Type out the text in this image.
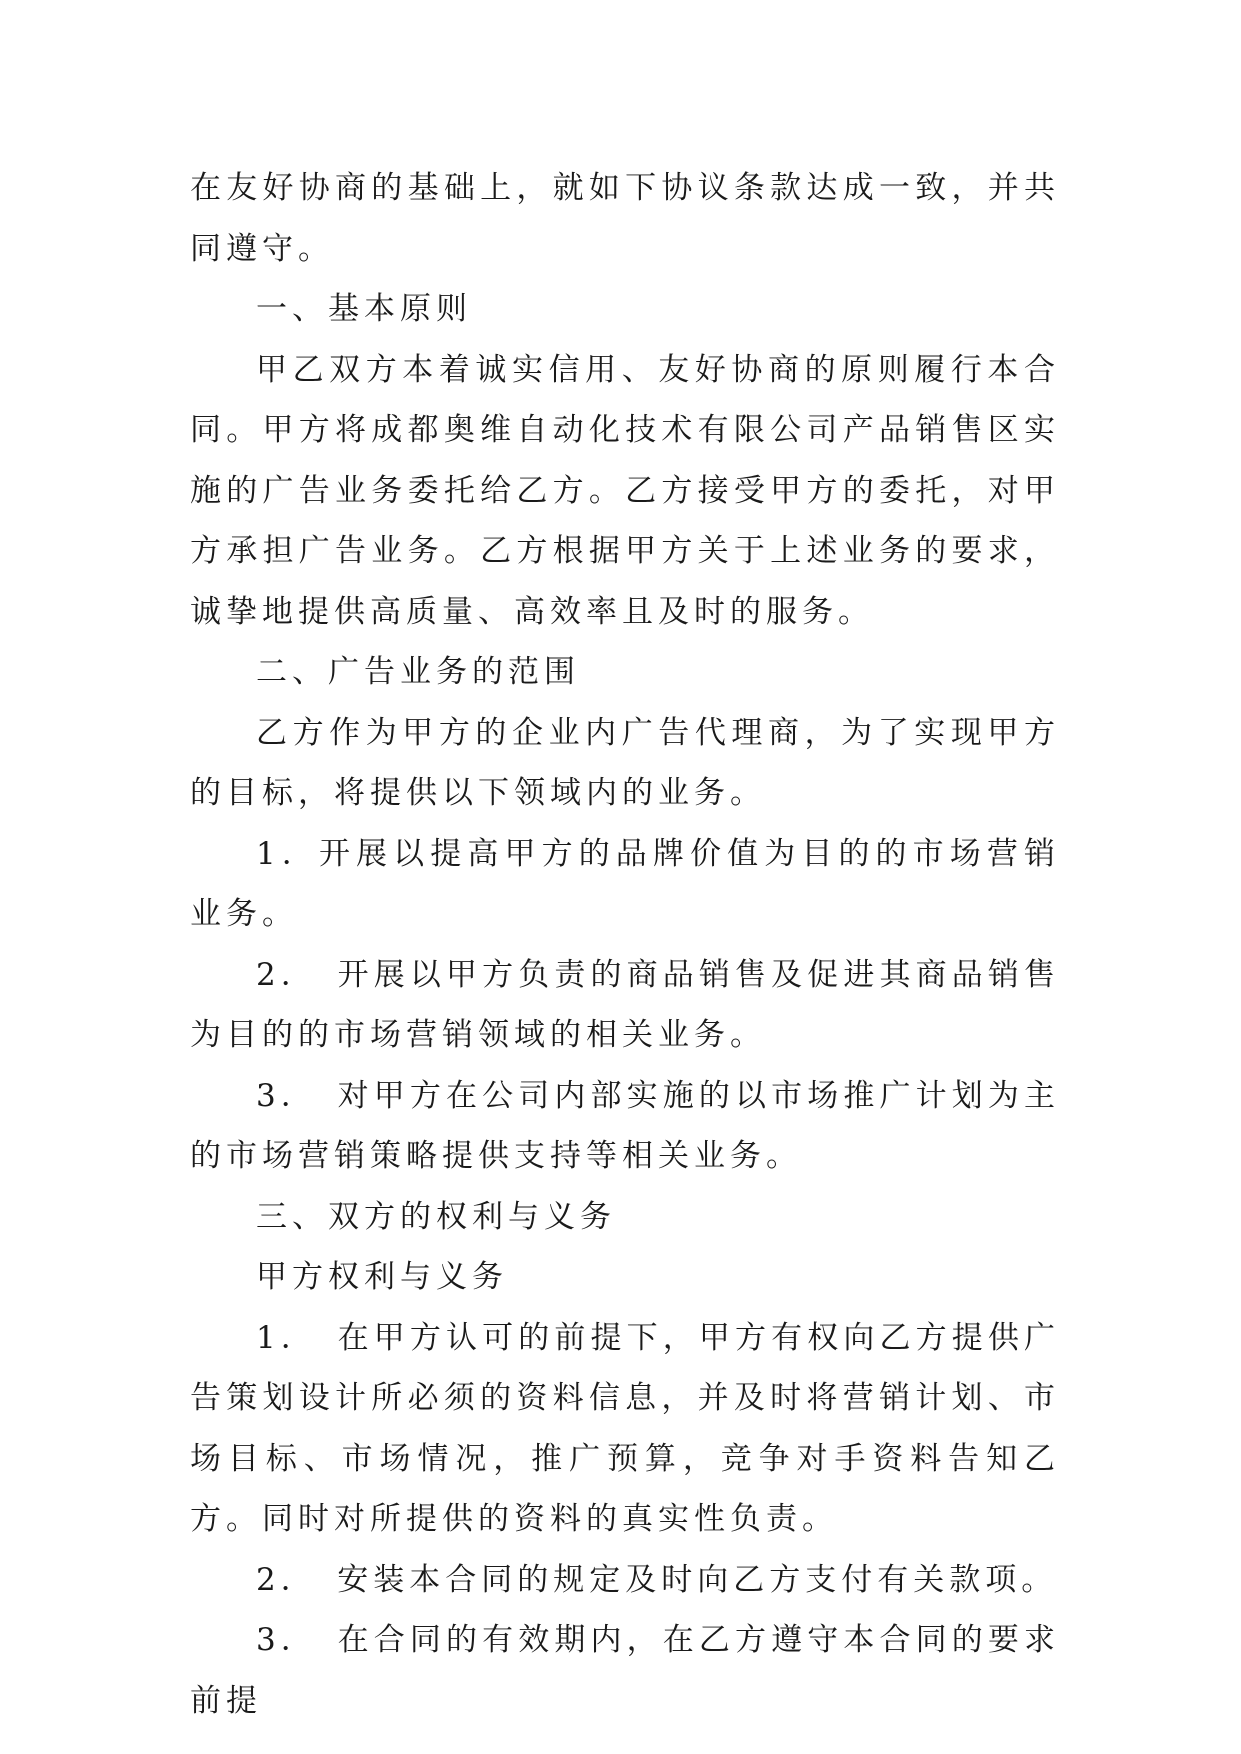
在友好协商的基础上，就如下协议条款达成一致，并共同遵守。

一、基本原则

甲乙双方本着诚实信用、友好协商的原则履行本合同。甲方将成都奥维自动化技术有限公司产品销售区实施的广告业务委托给乙方。乙方接受甲方的委托，对甲方承担广告业务。乙方根据甲方关于上述业务的要求，诚挚地提供高质量、高效率且及时的服务。

二、广告业务的范围

乙方作为甲方的企业内广告代理商，为了实现甲方的目标，将提供以下领域内的业务。

1．开展以提高甲方的品牌价值为目的的市场营销业务。

2．　开展以甲方负责的商品销售及促进其商品销售为目的的市场营销领域的相关业务。

3．　对甲方在公司内部实施的以市场推广计划为主的市场营销策略提供支持等相关业务。

三、双方的权利与义务

甲方权利与义务

1．　在甲方认可的前提下，甲方有权向乙方提供广告策划设计所必须的资料信息，并及时将营销计划、市场目标、市场情况，推广预算，竞争对手资料告知乙方。同时对所提供的资料的真实性负责。

2．　安装本合同的规定及时向乙方支付有关款项。

3．　在合同的有效期内，在乙方遵守本合同的要求前提
